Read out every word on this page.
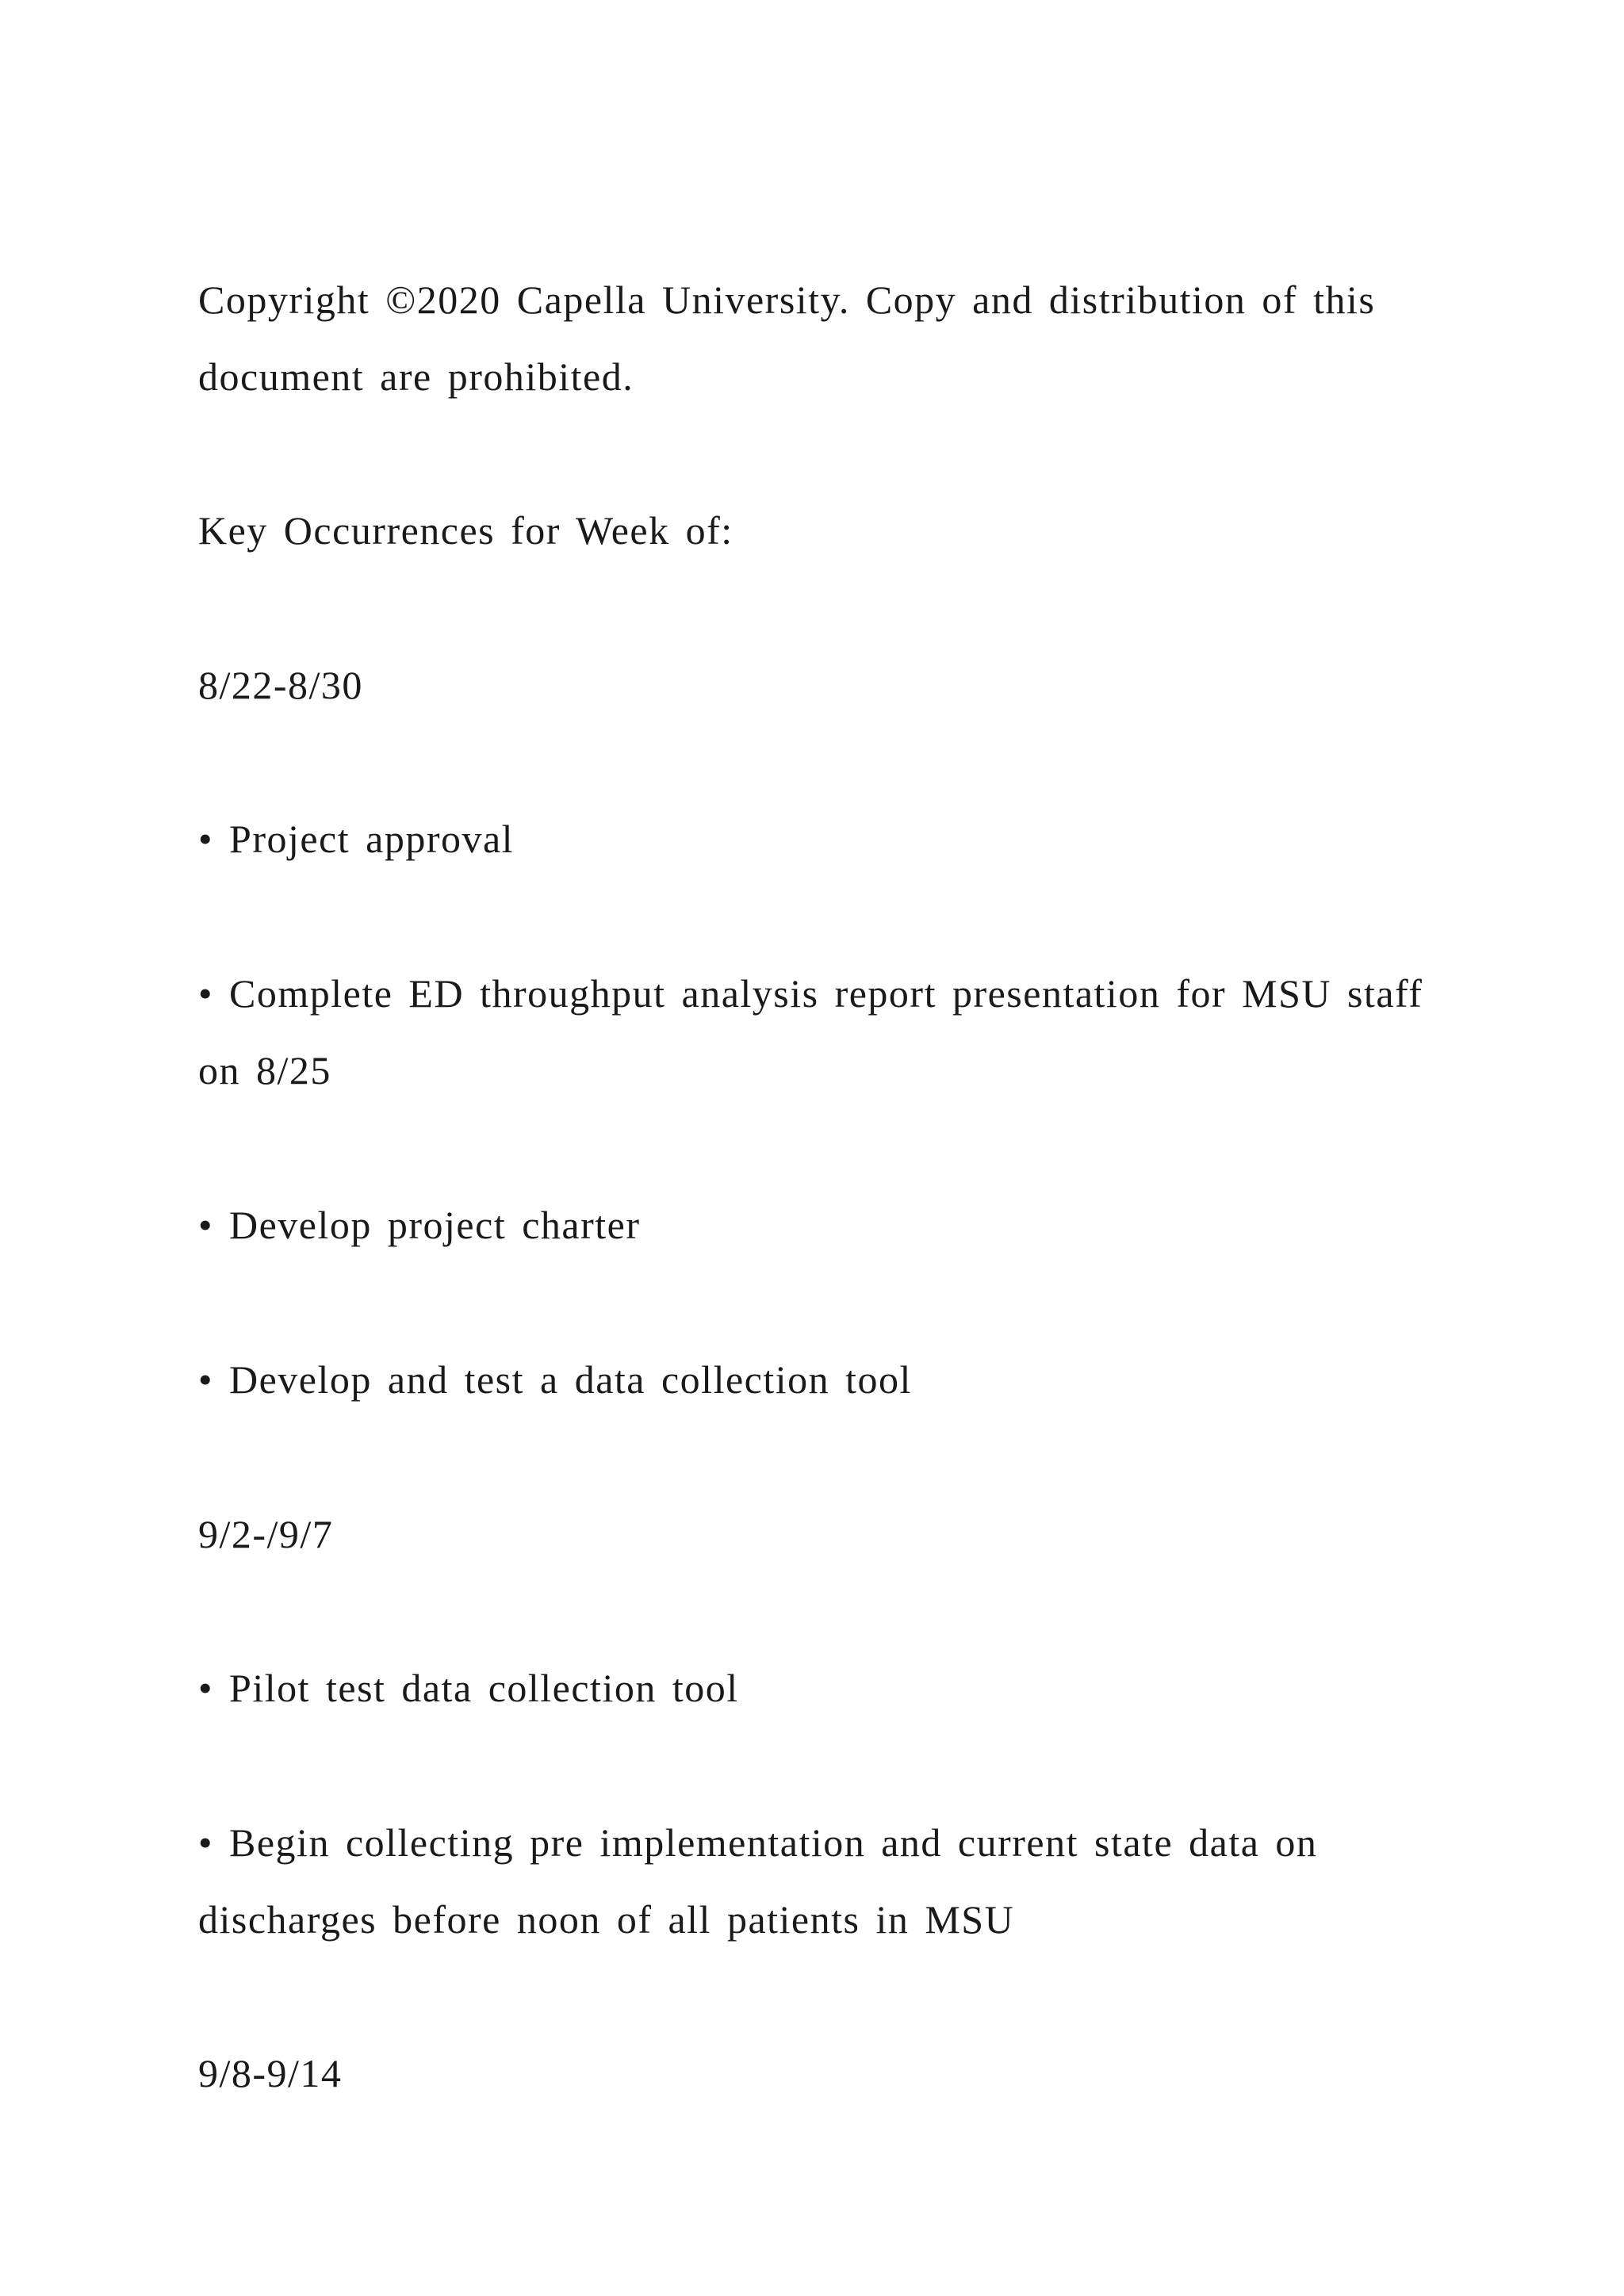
Copyright ©2020 Capella University. Copy and distribution of this document are prohibited.

Key Occurrences for Week of:

8/22-8/30

• Project approval

• Complete ED throughput analysis report presentation for MSU staff on 8/25

• Develop project charter

• Develop and test a data collection tool

9/2-/9/7

• Pilot test data collection tool

• Begin collecting pre implementation and current state data on discharges before noon of all patients in MSU

9/8-9/14
